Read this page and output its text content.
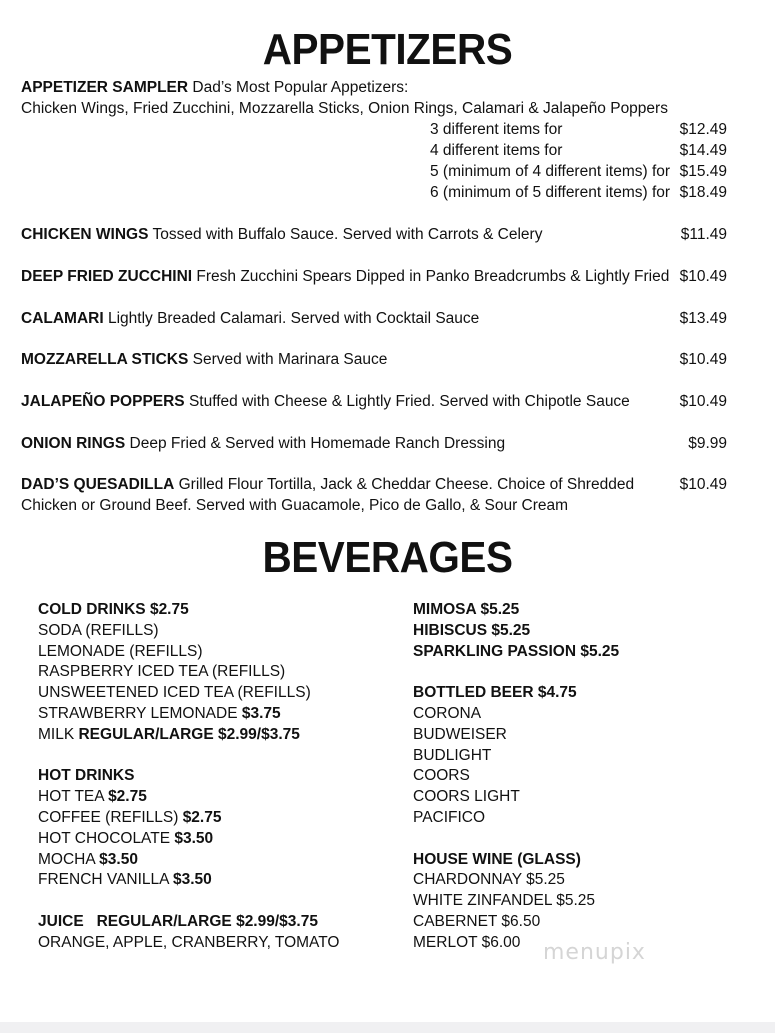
APPETIZERS
APPETIZER SAMPLER Dad’s Most Popular Appetizers:
Chicken Wings, Fried Zucchini, Mozzarella Sticks, Onion Rings, Calamari & Jalapeño Poppers
3 different items for	$12.49
4 different items for	$14.49
5 (minimum of 4 different items) for $15.49
6 (minimum of 5 different items) for $18.49
CHICKEN WINGS Tossed with Buffalo Sauce. Served with Carrots & Celery	$11.49
DEEP FRIED ZUCCHINI Fresh Zucchini Spears Dipped in Panko Breadcrumbs & Lightly Fried $10.49
CALAMARI Lightly Breaded Calamari. Served with Cocktail Sauce	$13.49
MOZZARELLA STICKS Served with Marinara Sauce	$10.49
JALAPEÑO POPPERS Stuffed with Cheese & Lightly Fried. Served with Chipotle Sauce	$10.49
ONION RINGS Deep Fried & Served with Homemade Ranch Dressing	$9.99
DAD’S QUESADILLA Grilled Flour Tortilla, Jack & Cheddar Cheese. Choice of Shredded
Chicken or Ground Beef. Served with Guacamole, Pico de Gallo, & Sour Cream
$10.49
BEVERAGES
COLD DRINKS $2.75
SODA (REFILLS)
LEMONADE (REFILLS)
RASPBERRY ICED TEA (REFILLS)
UNSWEETENED ICED TEA (REFILLS)
STRAWBERRY LEMONADE $3.75
MILK REGULAR/LARGE $2.99/$3.75
HOT DRINKS
HOT TEA $2.75
COFFEE (REFILLS) $2.75
HOT CHOCOLATE $3.50
MOCHA $3.50
FRENCH VANILLA $3.50
JUICE   REGULAR/LARGE $2.99/$3.75
ORANGE, APPLE, CRANBERRY, TOMATO
MIMOSA $5.25
HIBISCUS $5.25
SPARKLING PASSION $5.25
BOTTLED BEER $4.75
CORONA
BUDWEISER
BUDLIGHT
COORS
COORS LIGHT
PACIFICO
HOUSE WINE (GLASS)
CHARDONNAY $5.25
WHITE ZINFANDEL $5.25
CABERNET $6.50
MERLOT $6.00	menupix
